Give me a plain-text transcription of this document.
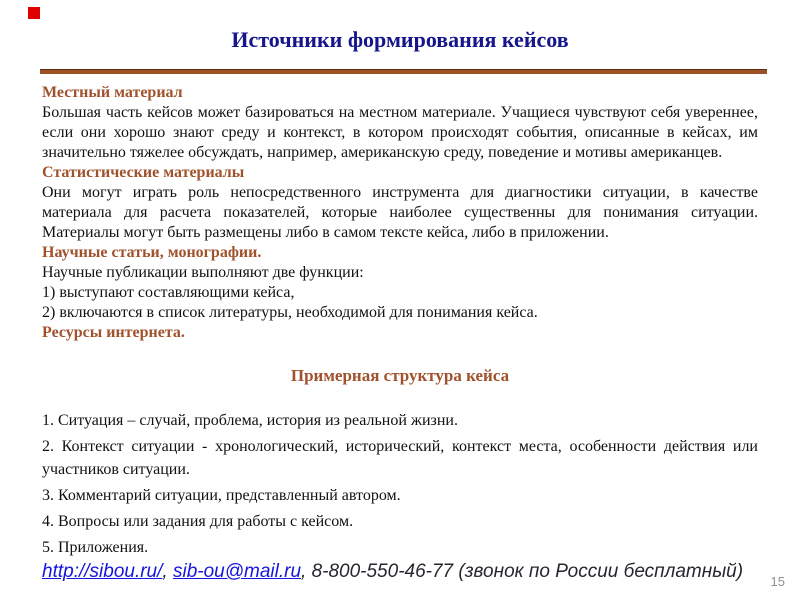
Источники формирования кейсов
Местный материал

Большая часть кейсов может базироваться на местном материале. Учащиеся чувствуют себя увереннее, если они хорошо знают среду и контекст, в котором происходят события, описанные в кейсах, им значительно тяжелее обсуждать, например, американскую среду, поведение и мотивы американцев.

Статистические материалы

Они могут играть роль непосредственного инструмента для диагностики ситуации, в качестве материала для расчета показателей, которые наиболее существенны для понимания ситуации. Материалы могут быть размещены либо в самом тексте кейса, либо в приложении.

Научные статьи, монографии.
Научные публикации выполняют две функции:
1) выступают составляющими кейса,
2) включаются в список литературы, необходимой для понимания кейса.
Ресурсы интернета.
Примерная структура кейса
1. Ситуация – случай, проблема, история из реальной жизни.
2. Контекст ситуации - хронологический, исторический, контекст места, особенности действия или участников ситуации.
3. Комментарий ситуации, представленный автором.
4. Вопросы или задания для работы с кейсом.
5. Приложения.
http://sibou.ru/, sib-ou@mail.ru, 8-800-550-46-77 (звонок по России бесплатный) 15
